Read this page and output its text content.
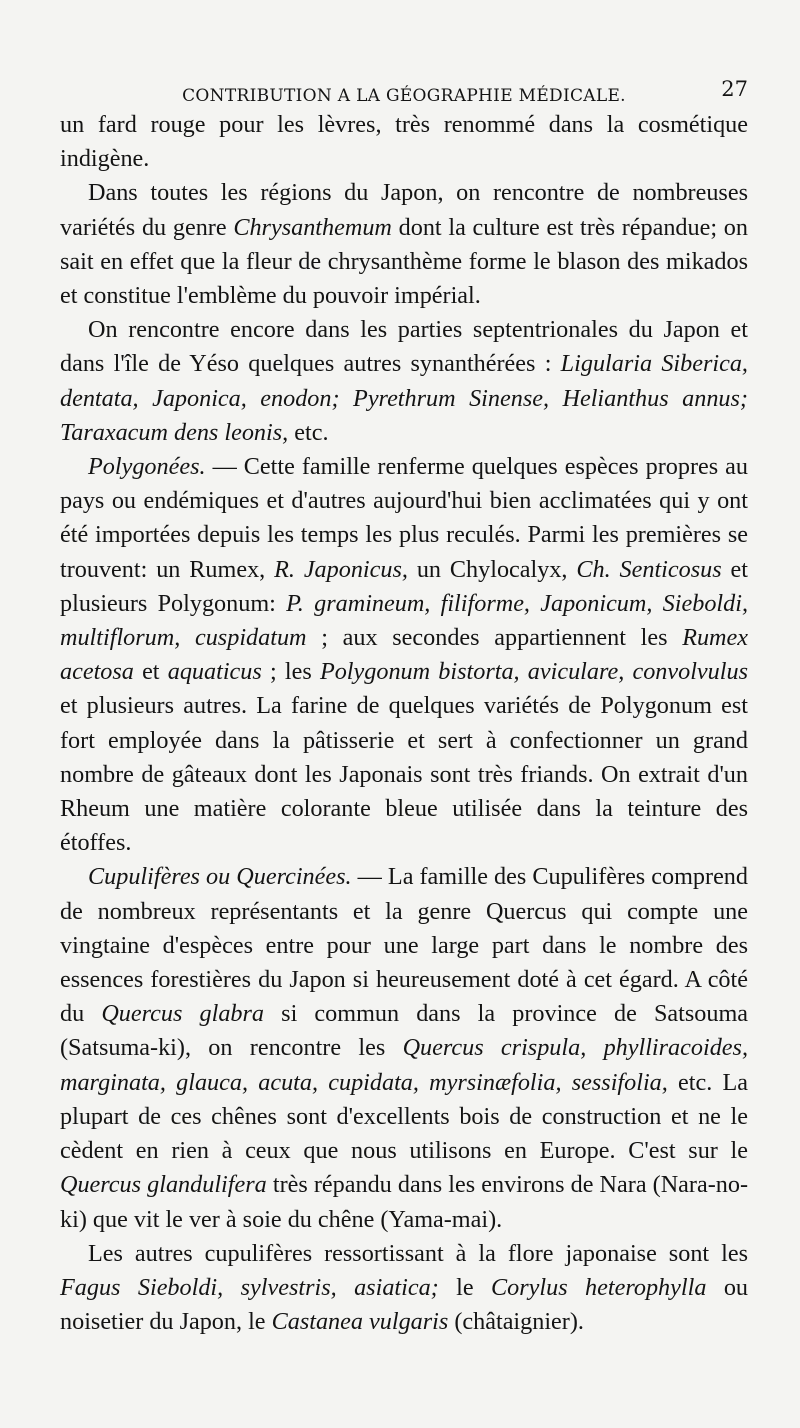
CONTRIBUTION A LA GÉOGRAPHIE MÉDICALE.	27

un fard rouge pour les lèvres, très renommé dans la cosmétique indigène.

Dans toutes les régions du Japon, on rencontre de nombreuses variétés du genre Chrysanthemum dont la culture est très répandue; on sait en effet que la fleur de chrysanthème forme le blason des mikados et constitue l'emblème du pouvoir impérial.

On rencontre encore dans les parties septentrionales du Japon et dans l'île de Yéso quelques autres synanthérées : Ligularia Siberica, dentata, Japonica, enodon; Pyrethrum Sinense, Helianthus annus; Taraxacum dens leonis, etc.

Polygonées. — Cette famille renferme quelques espèces propres au pays ou endémiques et d'autres aujourd'hui bien acclimatées qui y ont été importées depuis les temps les plus reculés. Parmi les premières se trouvent: un Rumex, R. Japonicus, un Chylocalyx, Ch. Senticosus et plusieurs Polygonum: P. gramineum, filiforme, Japonicum, Sieboldi, multiflorum, cuspidatum ; aux secondes appartiennent les Rumex acetosa et aquaticus ; les Polygonum bistorta, aviculare, convolvulus et plusieurs autres. La farine de quelques variétés de Polygonum est fort employée dans la pâtisserie et sert à confectionner un grand nombre de gâteaux dont les Japonais sont très friands. On extrait d'un Rheum une matière colorante bleue utilisée dans la teinture des étoffes.

Cupulifères ou Quercinées. — La famille des Cupulifères comprend de nombreux représentants et la genre Quercus qui compte une vingtaine d'espèces entre pour une large part dans le nombre des essences forestières du Japon si heureusement doté à cet égard. A côté du Quercus glabra si commun dans la province de Satsouma (Satsuma-ki), on rencontre les Quercus crispula, phylliracoides, marginata, glauca, acuta, cupidata, myrsinæfolia, sessifolia, etc. La plupart de ces chênes sont d'excellents bois de construction et ne le cèdent en rien à ceux que nous utilisons en Europe. C'est sur le Quercus glandulifera très répandu dans les environs de Nara (Nara-no-ki) que vit le ver à soie du chêne (Yama-mai).

Les autres cupulifères ressortissant à la flore japonaise sont les Fagus Sieboldi, sylvestris, asiatica; le Corylus heterophylla ou noisetier du Japon, le Castanea vulgaris (châtaignier).
